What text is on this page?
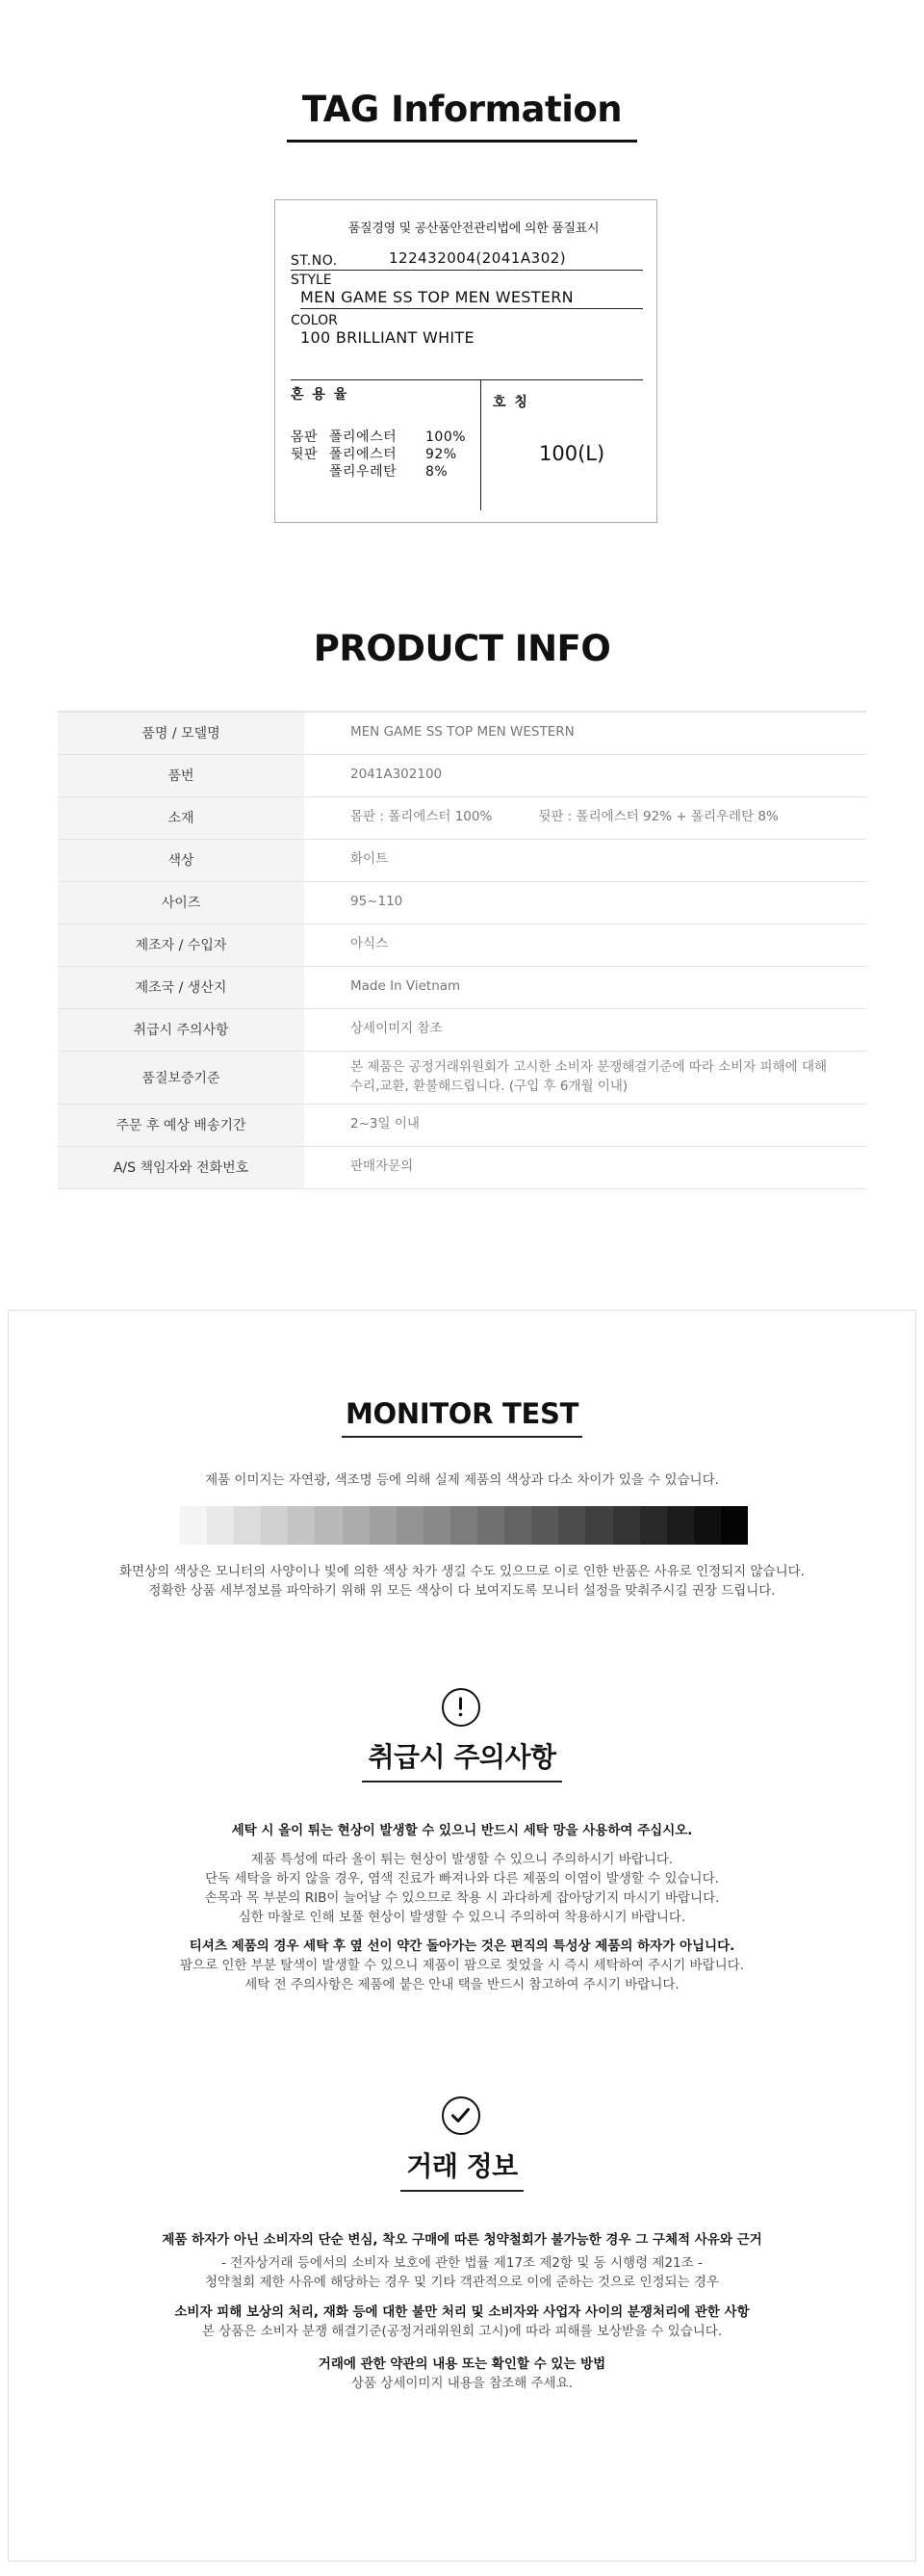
TAG Information
품질경영 및 공산품안전관리법에 의한 품질표시
ST.NO.	122432004(2041A302)
STYLE
MEN GAME SS TOP MEN WESTERN
COLOR
100 BRILLIANT WHITE
혼 용 율
몸판 폴리에스터 100%
뒷판 폴리에스터 92%
폴리우레탄 8%
호 칭
100(L)
PRODUCT INFO
품명 / 모델명	MEN GAME SS TOP MEN WESTERN
품번	2041A302100
소재	몸판 : 폴리에스터 100% 뒷판 : 폴리에스터 92% + 폴리우레탄 8%
색상	화이트
사이즈	95~110
제조자 / 수입자	아식스
제조국 / 생산지	Made In Vietnam
취급시 주의사항	상세이미지 참조
품질보증기준	본 제품은 공정거래위원회가 고시한 소비자 분쟁해결기준에 따라 소비자 피해에 대해
수리,교환, 환불해드립니다. (구입 후 6개월 이내)

주문 후 예상 배송기간	2~3일 이내
A/S 책임자와 전화번호	판매자문의
MONITOR TEST
제품 이미지는 자연광, 색조명 등에 의해 실제 제품의 색상과 다소 차이가 있을 수 있습니다.
화면상의 색상은 모니터의 사양이나 빛에 의한 색상 차가 생길 수도 있으므로 이로 인한 반품은 사유로 인정되지 않습니다.
정확한 상품 세부정보를 파악하기 위해 위 모든 색상이 다 보여지도록 모니터 설정을 맞춰주시길 권장 드립니다.
취급시 주의사항
세탁 시 올이 튀는 현상이 발생할 수 있으니 반드시 세탁 망을 사용하여 주십시오.
제품 특성에 따라 올이 튀는 현상이 발생할 수 있으니 주의하시기 바랍니다.
단독 세탁을 하지 않을 경우, 염색 진료가 빠져나와 다른 제품의 이염이 발생할 수 있습니다.
손목과 목 부분의 RIB이 늘어날 수 있으므로 착용 시 과다하게 잡아당기지 마시기 바랍니다.
심한 마찰로 인해 보풀 현상이 발생할 수 있으니 주의하여 착용하시기 바랍니다.
티셔츠 제품의 경우 세탁 후 옆 선이 약간 돌아가는 것은 편직의 특성상 제품의 하자가 아닙니다.
팜으로 인한 부분 탈색이 발생할 수 있으니 제품이 팜으로 젖었을 시 즉시 세탁하여 주시기 바랍니다.
세탁 전 주의사항은 제품에 붙은 안내 택을 반드시 참고하여 주시기 바랍니다.
거래 정보
제품 하자가 아닌 소비자의 단순 변심, 착오 구매에 따른 청약철회가 불가능한 경우 그 구체적 사유와 근거
- 전자상거래 등에서의 소비자 보호에 관한 법률 제17조 제2항 및 동 시행령 제21조 -
청약철회 제한 사유에 해당하는 경우 및 기타 객관적으로 이에 준하는 것으로 인정되는 경우
소비자 피해 보상의 처리, 재화 등에 대한 불만 처리 및 소비자와 사업자 사이의 분쟁처리에 관한 사항
본 상품은 소비자 분쟁 해결기준(공정거래위원회 고시)에 따라 피해를 보상받을 수 있습니다.
거래에 관한 약관의 내용 또는 확인할 수 있는 방법
상품 상세이미지 내용을 참조해 주세요.
